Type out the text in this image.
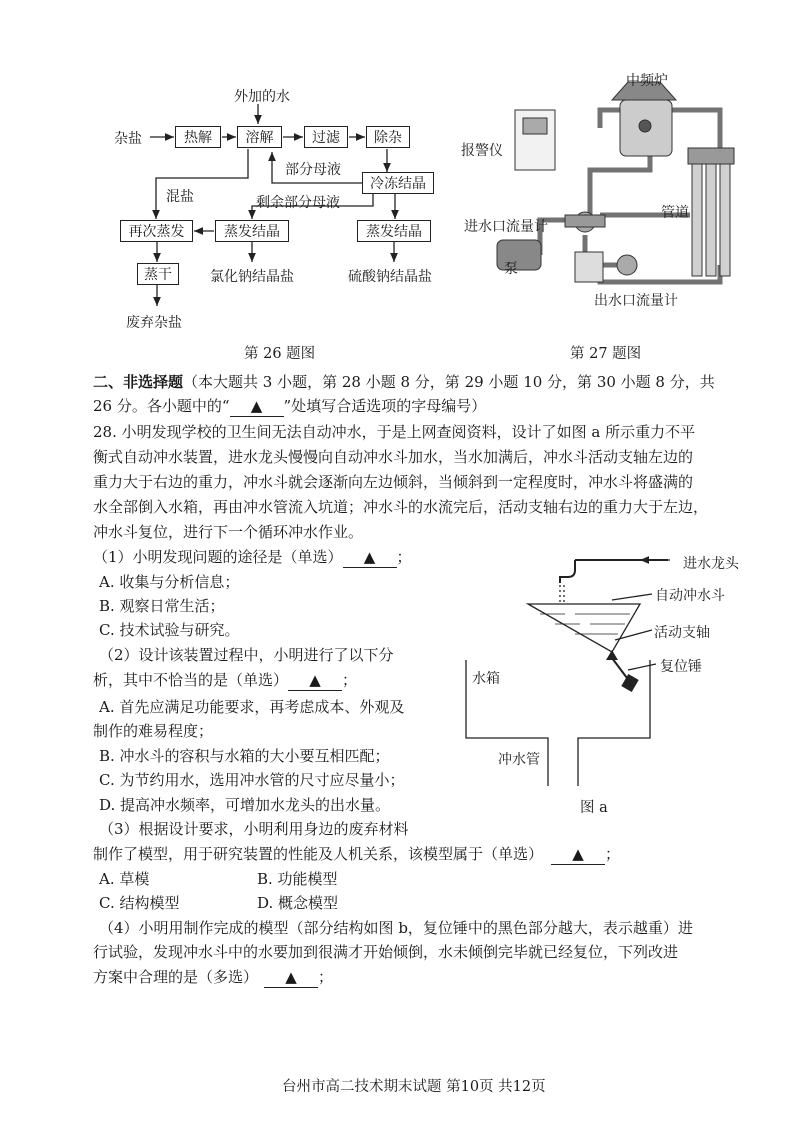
外加的水
杂盐	热解	溶解	过滤	除杂
部分母液
冷冻结晶
混盐	剩余部分母液
再次蒸发	蒸发结晶	蒸发结晶
蒸干	氯化钠结晶盐	硫酸钠结晶盐
废弃杂盐
第 26 题图
中频炉
报警仪
进水口流量计
泵
管道
出水口流量计
第 27 题图
二、非选择题（本大题共 3 小题，第 28 小题 8 分，第 29 小题 10 分，第 30 小题 8 分，共
26 分。各小题中的“ ▲ ”处填写合适选项的字母编号）
28. 小明发现学校的卫生间无法自动冲水，于是上网查阅资料，设计了如图 a 所示重力不平
衡式自动冲水装置，进水龙头慢慢向自动冲水斗加水，当水加满后，冲水斗活动支轴左边的
重力大于右边的重力，冲水斗就会逐渐向左边倾斜，当倾斜到一定程度时，冲水斗将盛满的
水全部倒入水箱，再由冲水管流入坑道；冲水斗的水流完后，活动支轴右边的重力大于左边，
冲水斗复位，进行下一个循环冲水作业。
（1）小明发现问题的途径是（单选） ▲ ；
A. 收集与分析信息；
B. 观察日常生活；
C. 技术试验与研究。
（2）设计该装置过程中，小明进行了以下分
析，其中不恰当的是（单选） ▲ ；
A. 首先应满足功能要求，再考虑成本、外观及
制作的难易程度；
B. 冲水斗的容积与水箱的大小要互相匹配；
C. 为节约用水，选用冲水管的尺寸应尽量小；
D. 提高冲水频率，可增加水龙头的出水量。
（3）根据设计要求，小明利用身边的废弃材料
制作了模型，用于研究装置的性能及人机关系，该模型属于（单选） ▲ ；
A. 草模	B. 功能模型
C. 结构模型	D. 概念模型
（4）小明用制作完成的模型（部分结构如图 b，复位锤中的黑色部分越大，表示越重）进
行试验，发现冲水斗中的水要加到很满才开始倾倒，水未倾倒完毕就已经复位，下列改进
方案中合理的是（多选） ▲ ；
进水龙头
自动冲水斗
活动支轴
复位锤
水箱
冲水管
图 a
台州市高二技术期末试题 第10页 共12页
